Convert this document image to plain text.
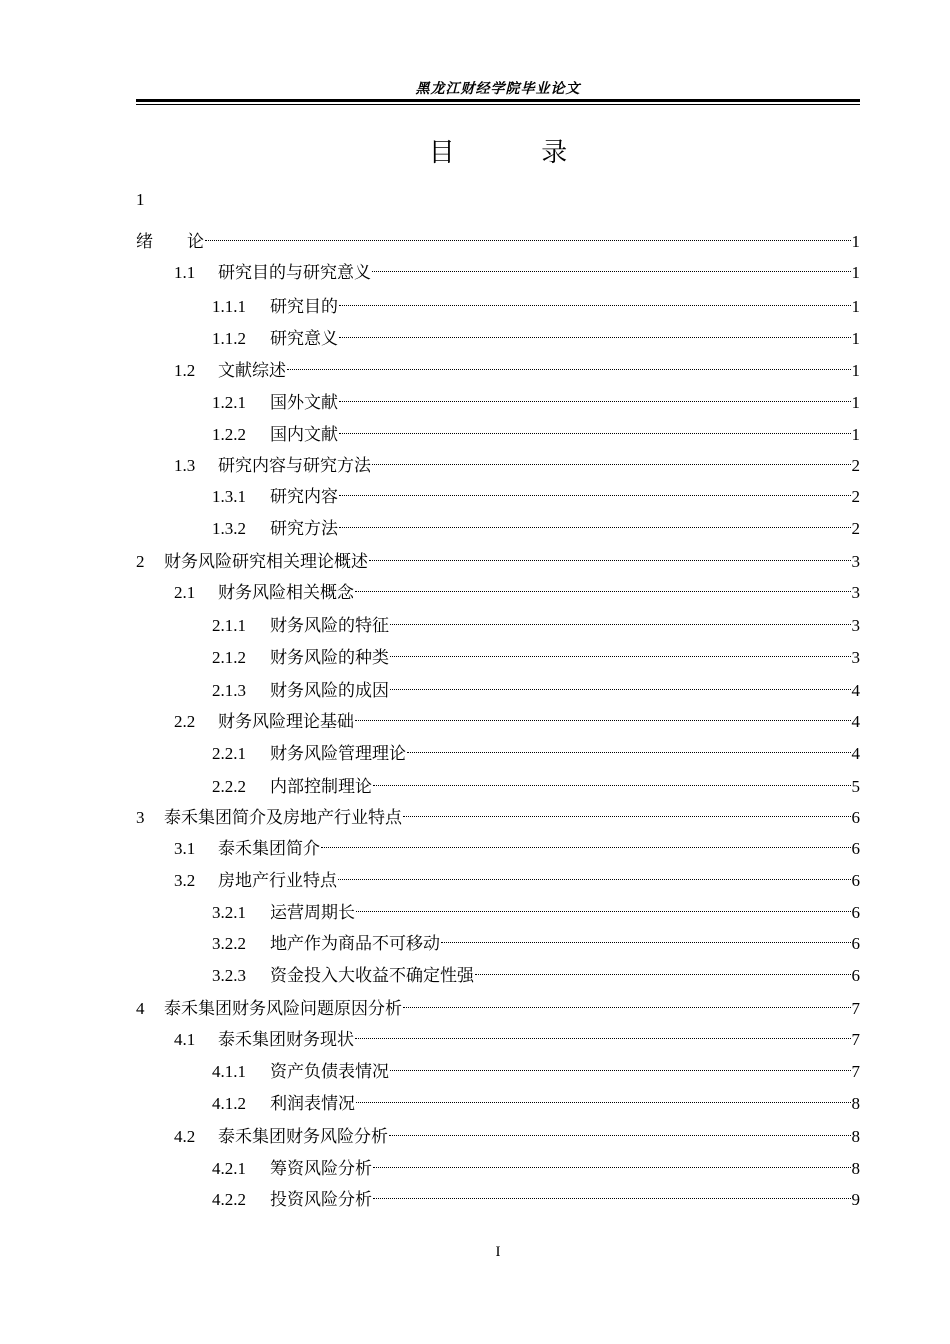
黑龙江财经学院毕业论文
目 录
1
绪　　论	1
1.1	研究目的与研究意义	1
1.1.1	研究目的	1
1.1.2	研究意义	1
1.2	文献综述	1
1.2.1	国外文献	1
1.2.2	国内文献	1
1.3	研究内容与研究方法	2
1.3.1	研究内容	2
1.3.2	研究方法	2
2	财务风险研究相关理论概述	3
2.1	财务风险相关概念	3
2.1.1	财务风险的特征	3
2.1.2	财务风险的种类	3
2.1.3	财务风险的成因	4
2.2	财务风险理论基础	4
2.2.1	财务风险管理理论	4
2.2.2	内部控制理论	5
3	泰禾集团简介及房地产行业特点	6
3.1	泰禾集团简介	6
3.2	房地产行业特点	6
3.2.1	运营周期长	6
3.2.2	地产作为商品不可移动	6
3.2.3	资金投入大收益不确定性强	6
4	泰禾集团财务风险问题原因分析	7
4.1	泰禾集团财务现状	7
4.1.1	资产负债表情况	7
4.1.2	利润表情况	8
4.2	泰禾集团财务风险分析	8
4.2.1	筹资风险分析	8
4.2.2	投资风险分析	9
I
